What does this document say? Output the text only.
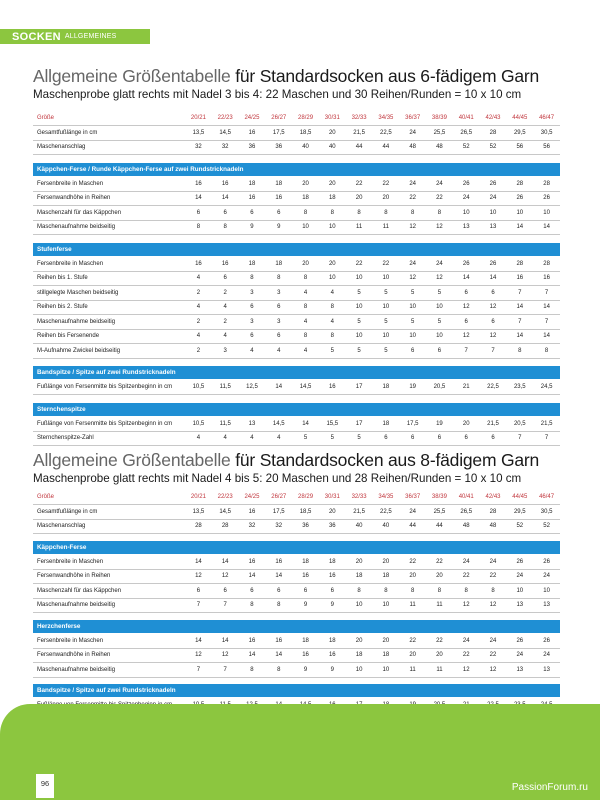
SOCKEN ALLGEMEINES
Allgemeine Größentabelle für Standardsocken aus 6-fädigem Garn
Maschenprobe glatt rechts mit Nadel 3 bis 4: 22 Maschen und 30 Reihen/Runden = 10 x 10 cm
Allgemeine Größentabelle für Standardsocken aus 8-fädigem Garn
Maschenprobe glatt rechts mit Nadel 4 bis 5: 20 Maschen und 28 Reihen/Runden = 10 x 10 cm
Größe	20/21	22/23	24/25	26/27	28/29	30/31	32/33	34/35	36/37	38/39	40/41	42/43	44/45	46/47
Gesamtfußlänge in cm	13,5	14,5	16	17,5	18,5	20	21,5	22,5	24	25,5	26,5	28	29,5	30,5
Maschenanschlag	32	32	36	36	40	40	44	44	48	48	52	52	56	56
Käppchen-Ferse / Runde Käppchen-Ferse auf zwei Rundstricknadeln
Fersenbreite in Maschen	16	16	18	18	20	20	22	22	24	24	26	26	28	28
Fersenwandhöhe in Reihen	14	14	16	16	18	18	20	20	22	22	24	24	26	26
Maschenzahl für das Käppchen	6	6	6	6	8	8	8	8	8	8	10	10	10	10
Maschenaufnahme beidseitig	8	8	9	9	10	10	11	11	12	12	13	13	14	14
Stufenferse
Fersenbreite in Maschen	16	16	18	18	20	20	22	22	24	24	26	26	28	28
Reihen bis 1. Stufe	4	6	8	8	8	10	10	10	12	12	14	14	16	16
stillgelegte Maschen beidseitig	2	2	3	3	4	4	5	5	5	5	6	6	7	7
Reihen bis 2. Stufe	4	4	6	6	8	8	10	10	10	10	12	12	14	14
Maschenaufnahme beidseitig	2	2	3	3	4	4	5	5	5	5	6	6	7	7
Reihen bis Fersenende	4	4	6	6	8	8	10	10	10	10	12	12	14	14
M-Aufnahme Zwickel beidseitig	2	3	4	4	4	5	5	5	6	6	7	7	8	8
Bandspitze / Spitze auf zwei Rundstricknadeln
Fußlänge von Fersenmitte bis Spitzenbeginn in cm	10,5	11,5	12,5	14	14,5	16	17	18	19	20,5	21	22,5	23,5	24,5
Sternchenspitze
Fußlänge von Fersenmitte bis Spitzenbeginn in cm	10,5	11,5	13	14,5	14	15,5	17	18	17,5	19	20	21,5	20,5	21,5
Sternchenspitze-Zahl	4	4	4	4	5	5	5	6	6	6	6	6	7	7
Größe	20/21	22/23	24/25	26/27	28/29	30/31	32/33	34/35	36/37	38/39	40/41	42/43	44/45	46/47
Gesamtfußlänge in cm	13,5	14,5	16	17,5	18,5	20	21,5	22,5	24	25,5	26,5	28	29,5	30,5
Maschenanschlag	28	28	32	32	36	36	40	40	44	44	48	48	52	52
Käppchen-Ferse
Fersenbreite in Maschen	14	14	16	16	18	18	20	20	22	22	24	24	26	26
Fersenwandhöhe in Reihen	12	12	14	14	16	16	18	18	20	20	22	22	24	24
Maschenzahl für das Käppchen	6	6	6	6	6	6	8	8	8	8	8	8	10	10
Maschenaufnahme beidseitig	7	7	8	8	9	9	10	10	11	11	12	12	13	13
Herzchenferse
Fersenbreite in Maschen	14	14	16	16	18	18	20	20	22	22	24	24	26	26
Fersenwandhöhe in Reihen	12	12	14	14	16	16	18	18	20	20	22	22	24	24
Maschenaufnahme beidseitig	7	7	8	8	9	9	10	10	11	11	12	12	13	13
Bandspitze / Spitze auf zwei Rundstricknadeln

96	PassionForum.ru
